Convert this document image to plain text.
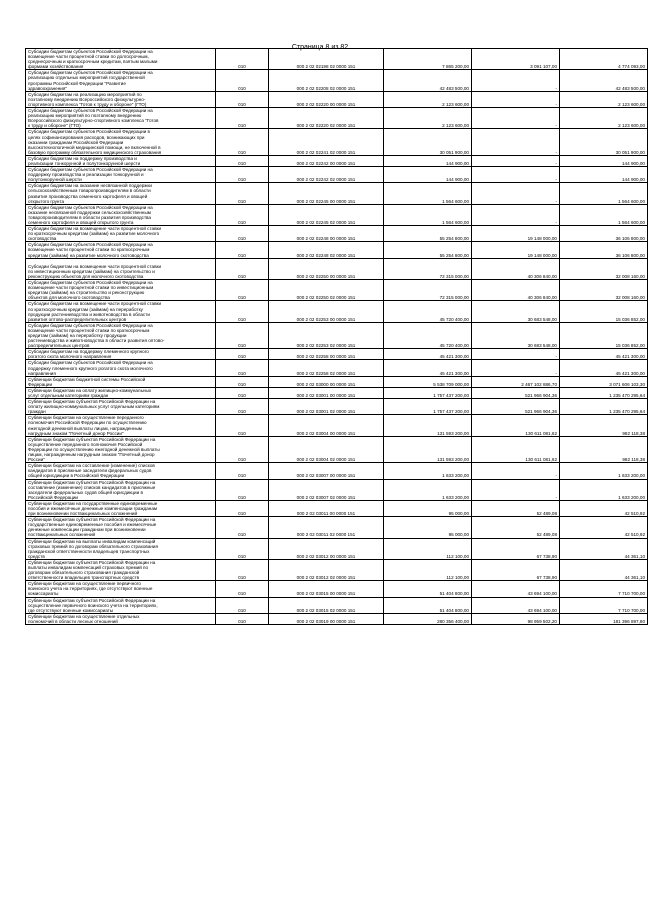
Страница 8 из 82
Субсидии бюджетам субъектов Российской Федерации на
возмещение части процентной ставки по долгосрочным,
среднесрочным и краткосрочным кредитам, взятым малыми
формами хозяйствования	010	000 2 02 02198 02 0000 151	7 865 200,00	3 091 107,00	4 774 093,00

Субсидии бюджетам субъектов Российской Федерации на
реализацию отдельных мероприятий государственной
программы Российской Федерации "Развитие
здравоохранения"	010	000 2 02 02208 02 0000 151	42 483 500,00	-	42 483 500,00

Субсидии бюджетам на реализацию мероприятий по
поэтапному внедрению Всероссийского физкультурно-
спортивного комплекса "Готов к труду и обороне" (ГТО)	010	000 2 02 02220 00 0000 151	2 123 600,00	-	2 123 600,00

Субсидии бюджетам субъектов Российской Федерации на
реализацию мероприятий по поэтапному внедрению
Всероссийского физкультурно-спортивного комплекса "Готов
к труду и обороне" (ГТО)	010	000 2 02 02220 02 0000 151	2 123 600,00	-	2 123 600,00

Субсидии бюджетам субъектов Российской Федерации в
целях софинансирования расходов, возникающих при
оказании гражданам Российской Федерации
высокотехнологичной медицинской помощи, не включенной в
базовую программу обязательного медицинского страхования	010	000 2 02 02241 02 0000 151	30 051 900,00	-	30 051 900,00

Субсидии бюджетам на поддержку производства и
реализации тонкорунной и полутонкорунной шерсти	010	000 2 02 02242 00 0000 151	144 900,00	-	144 900,00

Субсидии бюджетам субъектов Российской Федерации на
поддержку производства и реализации тонкорунной и
полутонкорунной шерсти	010	000 2 02 02242 02 0000 151	144 900,00	-	144 900,00

Субсидии бюджетам на оказание несвязанной поддержки
сельскохозяйственным товаропроизводителям в области
развития производства семенного картофеля и овощей
открытого грунта	010	000 2 02 02245 00 0000 151	1 564 600,00	-	1 564 600,00

Субсидии бюджетам субъектов Российской Федерации на
оказание несвязанной поддержки сельскохозяйственным
товаропроизводителям в области развития производства
семенного картофеля и овощей открытого грунта	010	000 2 02 02245 02 0000 151	1 564 600,00	-	1 564 600,00

Субсидии бюджетам на возмещение части процентной ставки
по краткосрочным кредитам (займам) на развитие молочного
скотоводства	010	000 2 02 02248 00 0000 151	55 254 800,00	19 148 000,00	36 106 800,00

Субсидии бюджетам субъектов Российской Федерации на
возмещение части процентной ставки по краткосрочным
кредитам (займам) на развитие молочного скотоводства	010	000 2 02 02248 02 0000 151	55 254 800,00	19 148 000,00	36 106 800,00

Субсидии бюджетам на возмещение части процентной ставки
по инвестиционным кредитам (займам) на строительство и
реконструкцию объектов для молочного скотоводства	010	000 2 02 02250 00 0000 151	72 315 000,00	40 306 840,00	32 008 160,00

Субсидии бюджетам субъектов Российской Федерации на
возмещение части процентной ставки по инвестиционным
кредитам (займам) на строительство и реконструкцию
объектов для молочного скотоводства	010	000 2 02 02250 02 0000 151	72 315 000,00	40 306 840,00	32 008 160,00

Субсидии бюджетам на возмещение части процентной ставки
по краткосрочным кредитам (займам) на переработку
продукции растениеводства и животноводства в области
развития оптово-распределительных центров	010	000 2 02 02253 00 0000 151	45 720 400,00	30 683 548,00	15 036 852,00

Субсидии бюджетам субъектов Российской Федерации на
возмещение части процентной ставки по краткосрочным
кредитам (займам) на переработку продукции
растениеводства и животноводства в области развития оптово-
распределительных центров	010	000 2 02 02253 02 0000 151	45 720 400,00	30 683 548,00	15 036 852,00

Субсидии бюджетам на поддержку племенного крупного
рогатого скота молочного направления	010	000 2 02 02258 00 0000 151	45 421 300,00	-	45 421 300,00

Субсидии бюджетам субъектов Российской Федерации на
поддержку племенного крупного рогатого скота молочного
направления	010	000 2 02 02258 02 0000 151	45 421 300,00	-	45 421 300,00

Субвенции бюджетам бюджетной системы Российской
Федерации	010	000 2 02 03000 00 0000 151	5 538 709 000,00	2 467 102 886,70	3 071 606 103,30

Субвенции бюджетам на оплату жилищно-коммунальных
услуг отдельным категориям граждан	010	000 2 02 03001 00 0000 151	1 757 437 200,00	521 966 904,36	1 235 470 295,64

Субвенции бюджетам субъектов Российской Федерации на
оплату жилищно-коммунальных услуг отдельным категориям
граждан	010	000 2 02 03001 02 0000 151	1 757 437 200,00	521 966 904,36	1 235 470 295,64

Субвенции бюджетам на осуществление переданного
полномочия Российской Федерации по осуществлению
ежегодной денежной выплаты лицам, награжденным
нагрудным знаком "Почетный донор России"	010	000 2 02 03004 00 0000 151	131 593 200,00	130 611 081,62	982 118,38

Субвенции бюджетам субъектов Российской Федерации на
осуществление переданного полномочия Российской
Федерации по осуществлению ежегодной денежной выплаты
лицам, награжденным нагрудным знаком "Почетный донор
России"	010	000 2 02 03004 02 0000 151	131 593 200,00	130 611 081,62	982 118,38

Субвенции бюджетам на составление (изменение) списков
кандидатов в присяжные заседатели федеральных судов
общей юрисдикции в Российской Федерации	010	000 2 02 03007 00 0000 151	1 633 200,00	-	1 633 200,00

Субвенции бюджетам субъектов Российской Федерации на
составление (изменение) списков кандидатов в присяжные
заседатели федеральных судов общей юрисдикции в
Российской Федерации	010	000 2 02 03007 02 0000 151	1 633 200,00	-	1 633 200,00

Субвенции бюджетам на государственные единовременные
пособия и ежемесячные денежные компенсации гражданам
при возникновении поствакцинальных осложнений	010	000 2 02 03011 00 0000 151	95 000,00	52 489,08	42 510,92

Субвенции бюджетам субъектов Российской Федерации на
государственные единовременные пособия и ежемесячные
денежные компенсации гражданам при возникновении
поствакцинальных осложнений	010	000 2 02 03011 02 0000 151	95 000,00	52 489,08	42 510,92

Субвенции бюджетам на выплаты инвалидам компенсаций
страховых премий по договорам обязательного страхования
гражданской ответственности владельцев транспортных
средств	010	000 2 02 03012 00 0000 151	112 100,00	67 738,90	44 361,10

Субвенции бюджетам субъектов Российской Федерации на
выплаты инвалидам компенсаций страховых премий по
договорам обязательного страхования гражданской
ответственности владельцев транспортных средств	010	000 2 02 03012 02 0000 151	112 100,00	67 738,90	44 361,10

Субвенции бюджетам на осуществление первичного
воинского учета на территориях, где отсутствуют военные
комиссариаты	010	000 2 02 03015 00 0000 151	51 404 800,00	43 694 100,00	7 710 700,00

Субвенции бюджетам субъектов Российской Федерации на
осуществление первичного воинского учета на территориях,
где отсутствуют военные комиссариаты	010	000 2 02 03015 02 0000 151	51 404 800,00	43 694 100,00	7 710 700,00

Субвенции бюджетам на осуществление отдельных
полномочий в области лесных отношений	010	000 2 02 03019 00 0000 151	280 356 400,00	98 959 502,20	181 396 897,80
